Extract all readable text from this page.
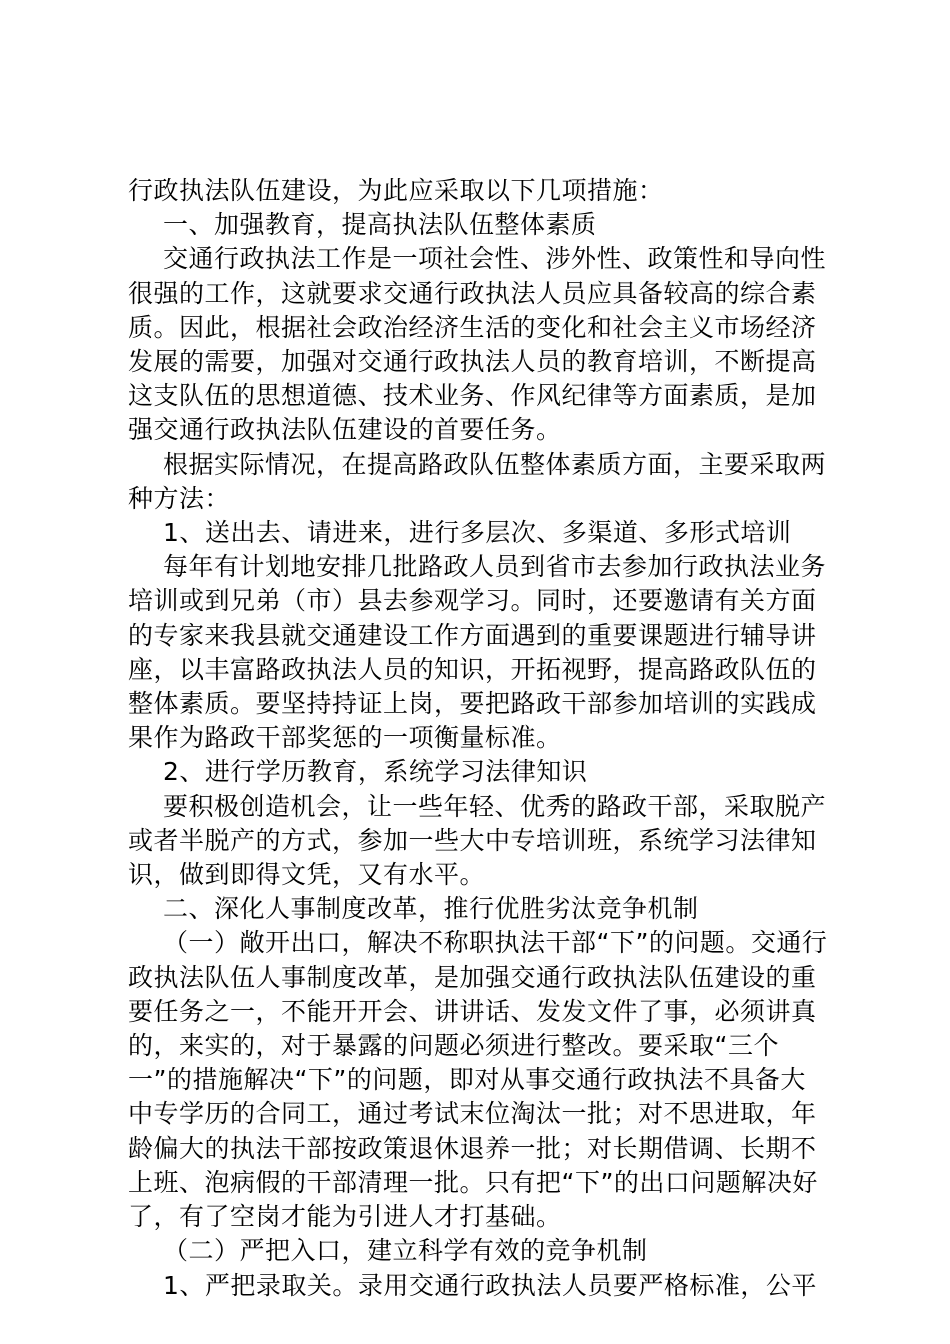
行政执法队伍建设，为此应采取以下几项措施：

一、加强教育，提高执法队伍整体素质

交通行政执法工作是一项社会性、涉外性、政策性和导向性很强的工作，这就要求交通行政执法人员应具备较高的综合素质。因此，根据社会政治经济生活的变化和社会主义市场经济发展的需要，加强对交通行政执法人员的教育培训，不断提高这支队伍的思想道德、技术业务、作风纪律等方面素质，是加强交通行政执法队伍建设的首要任务。

根据实际情况，在提高路政队伍整体素质方面，主要采取两种方法：

1、送出去、请进来，进行多层次、多渠道、多形式培训

每年有计划地安排几批路政人员到省市去参加行政执法业务培训或到兄弟（市）县去参观学习。同时，还要邀请有关方面的专家来我县就交通建设工作方面遇到的重要课题进行辅导讲座，以丰富路政执法人员的知识，开拓视野，提高路政队伍的整体素质。要坚持持证上岗，要把路政干部参加培训的实践成果作为路政干部奖惩的一项衡量标准。

2、进行学历教育，系统学习法律知识

要积极创造机会，让一些年轻、优秀的路政干部，采取脱产或者半脱产的方式，参加一些大中专培训班，系统学习法律知识，做到即得文凭，又有水平。

二、深化人事制度改革，推行优胜劣汰竞争机制

（一）敞开出口，解决不称职执法干部“下”的问题。交通行政执法队伍人事制度改革，是加强交通行政执法队伍建设的重要任务之一，不能开开会、讲讲话、发发文件了事，必须讲真的，来实的，对于暴露的问题必须进行整改。要采取“三个一”的措施解决“下”的问题，即对从事交通行政执法不具备大中专学历的合同工，通过考试末位淘汰一批；对不思进取，年龄偏大的执法干部按政策退休退养一批；对长期借调、长期不上班、泡病假的干部清理一批。只有把“下”的出口问题解决好了，有了空岗才能为引进人才打基础。

（二）严把入口，建立科学有效的竞争机制

1、严把录取关。录用交通行政执法人员要严格标准，公平
